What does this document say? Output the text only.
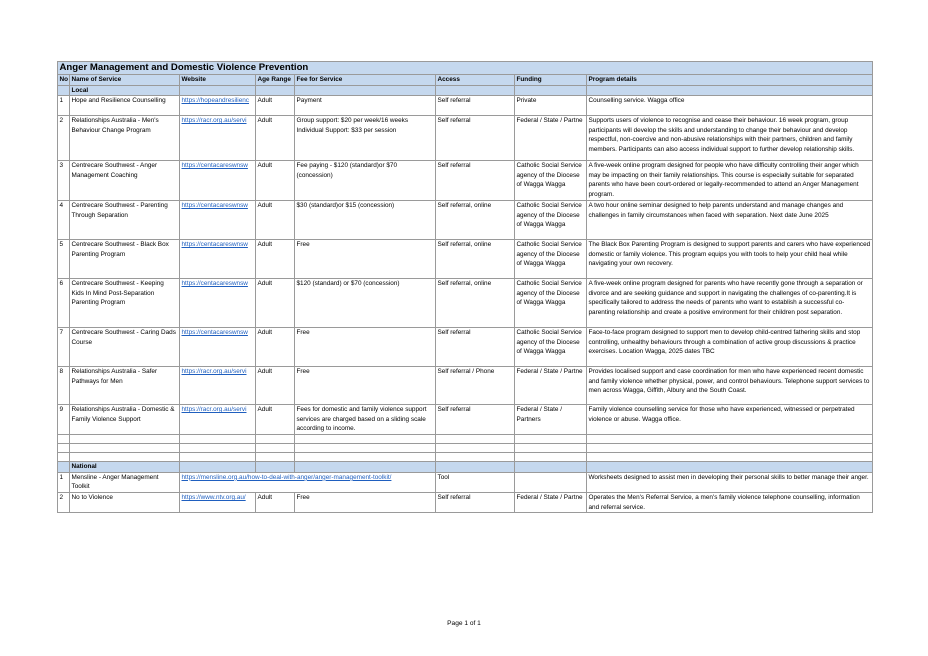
Anger Management and Domestic Violence Prevention							
No	Name of Service	Website	Age Range	Fee for Service	Access	Funding	Program details
	Local						
1	Hope and Resilience Counselling	https://hopeandresilienc	Adult	Payment	Self referral	Private	Counselling service. Wagga office
2	Relationships Australia - Men's Behaviour Change Program	https://racr.org.au/servi	Adult	Group support: $20 per week/16 weeks Individual Support: $33 per session	Self referral	Federal / State / Partne	Supports users of violence to recognise and cease their behaviour. 16 week program, group participants will develop the skills and understanding to change their behaviour and develop respectful, non-coercive and non-abusive relationships with their partners, children and family members. Participants can also access individual support to further develop relationship skills.
3	Centrecare Southwest - Anger Management Coaching	https://centacareswnsw	Adult	Fee paying - $120 (standard)or $70 (concession)	Self referral	Catholic Social Service agency of the Diocese of Wagga Wagga	A five-week online program designed for people who have difficulty controlling their anger which may be impacting on their family relationships. This course is especially suitable for separated parents who have been court-ordered or legally-recommended to attend an Anger Management program.
4	Centrecare Southwest - Parenting Through Separation	https://centacareswnsw	Adult	$30 (standard)or $15 (concession)	Self referral, online	Catholic Social Service agency of the Diocese of Wagga Wagga	A two hour online seminar designed to help parents understand and manage changes and challenges in family circumstances when faced with separation. Next date June 2025
5	Centrecare Southwest - Black Box Parenting Program	https://centacareswnsw	Adult	Free	Self referral, online	Catholic Social Service agency of the Diocese of Wagga Wagga	The Black Box Parenting Program is designed to support parents and carers who have experienced domestic or family violence. This program equips you with tools to help your child heal while navigating your own recovery.
6	Centrecare Southwest - Keeping Kids In Mind Post-Separation Parenting Program	https://centacareswnsw	Adult	$120 (standard) or $70 (concession)	Self referral, online	Catholic Social Service agency of the Diocese of Wagga Wagga	A five-week online program designed for parents who have recently gone through a separation or divorce and are seeking guidance and support in navigating the challenges of co-parenting.It is specifically tailored to address the needs of parents who want to establish a successful co-parenting relationship and create a positive environment for their children post separation.
7	Centrecare Southwest - Caring Dads Course	https://centacareswnsw	Adult	Free	Self referral	Catholic Social Service agency of the Diocese of Wagga Wagga	Face-to-face program designed to support men to develop child-centred fathering skills and stop controlling, unhealthy behaviours through a combination of active group discussions & practice exercises. Location Wagga, 2025 dates TBC
8	Relationships Australia - Safer Pathways for Men	https://racr.org.au/servi	Adult	Free	Self referral / Phone	Federal / State / Partne	Provides localised support and case coordination for men who have experienced recent domestic and family violence whether physical, power, and control behaviours. Telephone support services to men across Wagga, Giffith, Albury and the South Coast.
9	Relationships Australia - Domestic & Family Violence Support	https://racr.org.au/servi	Adult	Fees for domestic and family violence support services are charged based on a sliding scale according to income.	Self referral	Federal / State / Partners	Family violence counselling service for those who have experienced, witnessed or perpetrated violence or abuse. Wagga office.

	National						
1	Mensline - Anger Management Toolkit	https://mensline.org.au/how-to-deal-with-anger/anger-management-toolkit/			Tool		Worksheets designed to assist men in developing their personal skills to better manage their anger.
2	No to Violence	https://www.ntv.org.au/	Adult	Free	Self referral	Federal / State / Partne	Operates the Men's Referral Service, a men's family violence telephone counselling, information and referral service.
Page 1 of 1
